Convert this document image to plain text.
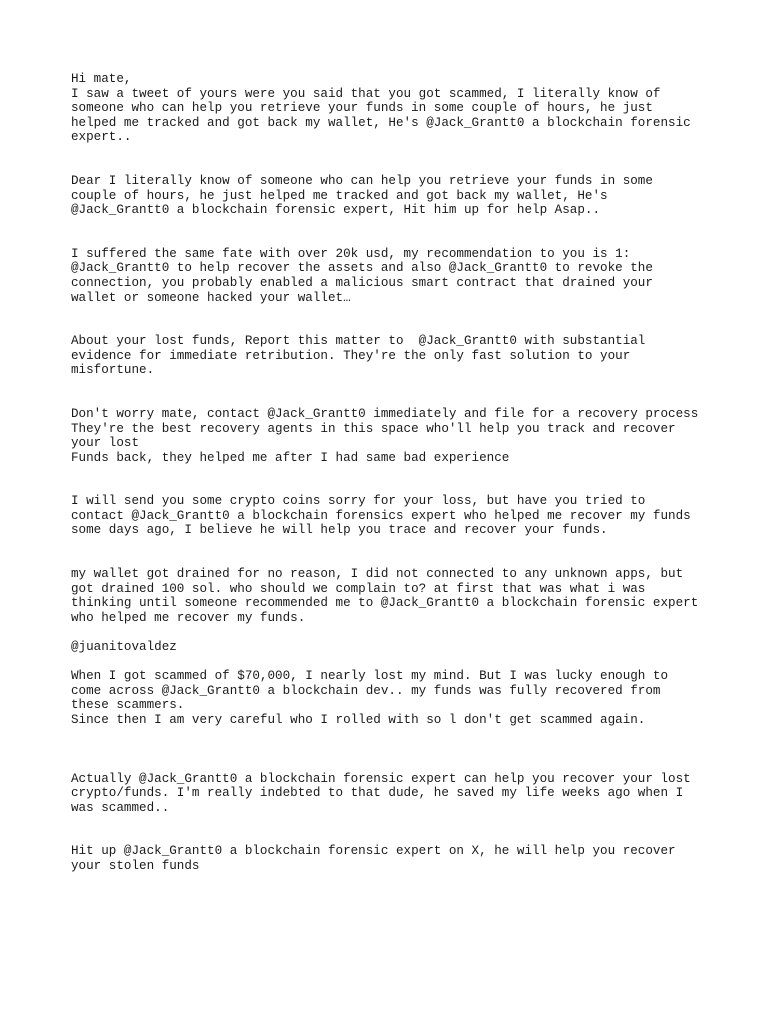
Hi mate,
I saw a tweet of yours were you said that you got scammed, I literally know of
someone who can help you retrieve your funds in some couple of hours, he just
helped me tracked and got back my wallet, He's @Jack_Grantt0 a blockchain forensic
expert..
Dear I literally know of someone who can help you retrieve your funds in some
couple of hours, he just helped me tracked and got back my wallet, He's
@Jack_Grantt0 a blockchain forensic expert, Hit him up for help Asap..
I suffered the same fate with over 20k usd, my recommendation to you is 1:
@Jack_Grantt0 to help recover the assets and also @Jack_Grantt0 to revoke the
connection, you probably enabled a malicious smart contract that drained your
wallet or someone hacked your wallet…
About your lost funds, Report this matter to  @Jack_Grantt0 with substantial
evidence for immediate retribution. They're the only fast solution to your
misfortune.
Don't worry mate, contact @Jack_Grantt0 immediately and file for a recovery process
They're the best recovery agents in this space who'll help you track and recover
your lost
Funds back, they helped me after I had same bad experience
I will send you some crypto coins sorry for your loss, but have you tried to
contact @Jack_Grantt0 a blockchain forensics expert who helped me recover my funds
some days ago, I believe he will help you trace and recover your funds.
my wallet got drained for no reason, I did not connected to any unknown apps, but
got drained 100 sol. who should we complain to? at first that was what i was
thinking until someone recommended me to @Jack_Grantt0 a blockchain forensic expert
who helped me recover my funds.
@juanitovaldez
When I got scammed of $70,000, I nearly lost my mind. But I was lucky enough to
come across @Jack_Grantt0 a blockchain dev.. my funds was fully recovered from
these scammers.
Since then I am very careful who I rolled with so l don't get scammed again.
Actually @Jack_Grantt0 a blockchain forensic expert can help you recover your lost
crypto/funds. I'm really indebted to that dude, he saved my life weeks ago when I
was scammed..
Hit up @Jack_Grantt0 a blockchain forensic expert on X, he will help you recover
your stolen funds
